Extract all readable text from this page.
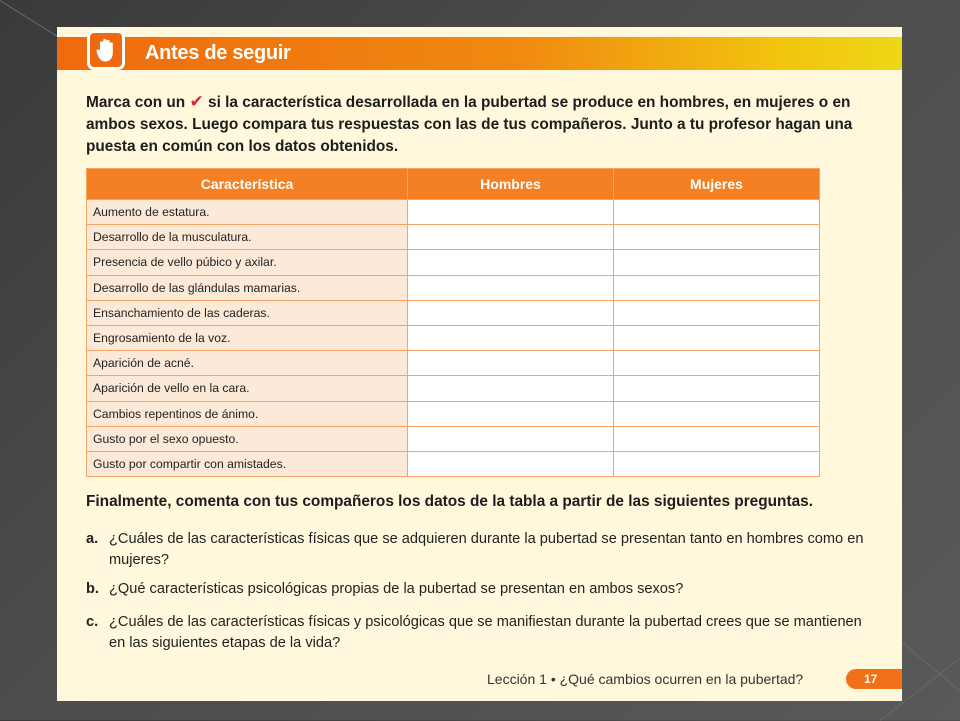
Antes de seguir
Marca con un ✔ si la característica desarrollada en la pubertad se produce en hombres, en mujeres o en ambos sexos. Luego compara tus respuestas con las de tus compañeros. Junto a tu profesor hagan una puesta en común con los datos obtenidos.
Característica	Hombres	Mujeres
Aumento de estatura.		
Desarrollo de la musculatura.		
Presencia de vello púbico y axilar.		
Desarrollo de las glándulas mamarias.		
Ensanchamiento de las caderas.		
Engrosamiento de la voz.		
Aparición de acné.		
Aparición de vello en la cara.		
Cambios repentinos de ánimo.		
Gusto por el sexo opuesto.		
Gusto por compartir con amistades.		
Finalmente, comenta con tus compañeros los datos de la tabla a partir de las siguientes preguntas.
a. ¿Cuáles de las características físicas que se adquieren durante la pubertad se presentan tanto en hombres como en mujeres?
b. ¿Qué características psicológicas propias de la pubertad se presentan en ambos sexos?
c. ¿Cuáles de las características físicas y psicológicas que se manifiestan durante la pubertad crees que se mantienen en las siguientes etapas de la vida?
Lección 1 • ¿Qué cambios ocurren en la pubertad?	17
